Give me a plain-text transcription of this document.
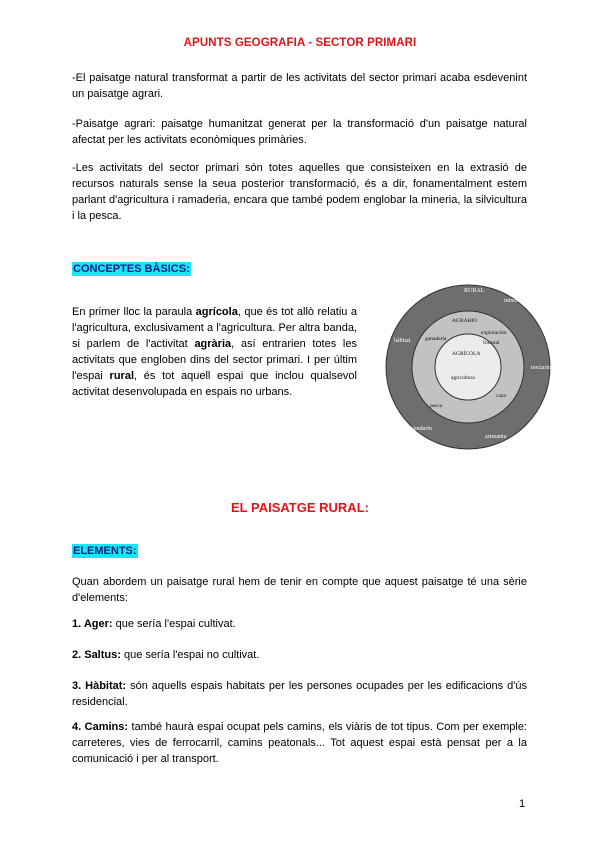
APUNTS GEOGRAFIA - SECTOR PRIMARI
-El paisatge natural transformat a partir de les activitats del sector primari acaba esdevenint un paisatge agrari.
-Paisatge agrari: paisatge humanitzat generat per la transformació d'un paisatge natural afectat per les activitats econòmiques primàries.
-Les activitats del sector primari són totes aquelles que consisteixen en la extrasió de recursos naturals sense la seua posterior transformació, és a dir, fonamentalment estem parlant d'agricultura i ramaderia, encara que també podem englobar la mineria, la silvicultura i la pesca.
CONCEPTES BÀSICS:
En primer lloc la paraula agrícola, que és tot allò relatiu a l'agricultura, exclusivament a l'agricultura. Per altra banda, si parlem de l'activitat agrària, así entrarien totes les activitats que engloben dins del sector primari. I per últim l'espai rural, és tot aquell espai que inclou qualsevol activitat desenvolupada en espais no urbans.
RURAL
mineria
hàbitat
terciario
secundario
artesania
AGRARIO
ganadería
explotación
forestal
caza
pesca
AGRÍCOLA
agricultura
EL PAISATGE RURAL:
ELEMENTS:
Quan abordem un paisatge rural hem de tenir en compte que aquest paisatge té una sèrie d'elements:
1. Ager: que sería l'espai cultivat.
2. Saltus: que sería l'espai no cultivat.
3. Hàbitat: són aquells espais habitats per les persones ocupades per les edificacions d'ús residencial.
4. Camins: també haurà espai ocupat pels camins, els viàris de tot tipus. Com per exemple: carreteres, vies de ferrocarril, camins peatonals... Tot aquest espai està pensat per a la comunicació i per al transport.
1
